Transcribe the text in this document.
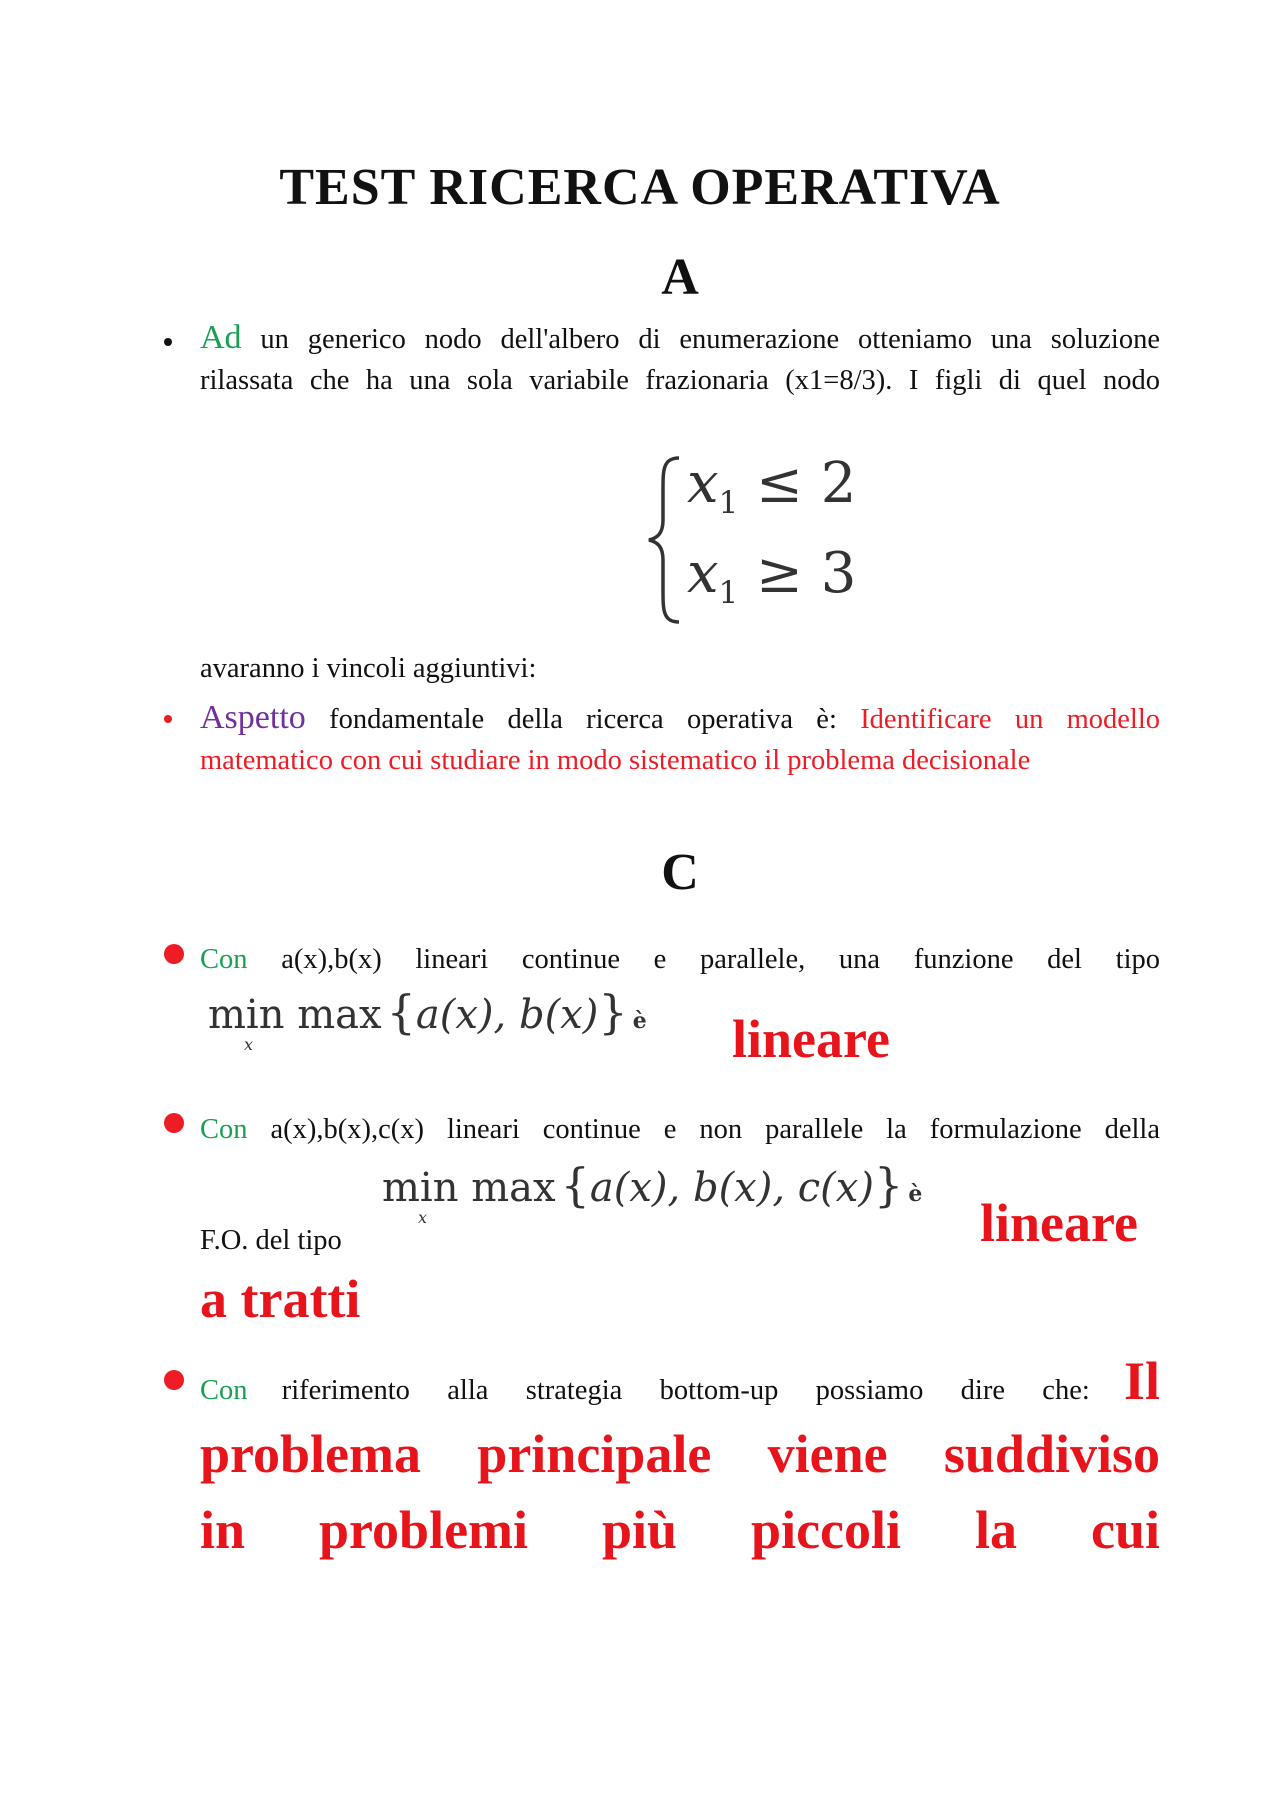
TEST RICERCA OPERATIVA
A
Ad un generico nodo dell'albero di enumerazione otteniamo una soluzione
rilassata che ha una sola variabile frazionaria (x1=8/3). I figli di quel nodo
$x_1 \le 2$
$x_1 \ge 3$
avaranno i vincoli aggiuntivi:
Aspetto fondamentale della ricerca operativa è: Identificare un modello
matematico con cui studiare in modo sistematico il problema decisionale
C
Con a(x),b(x) lineari continue e parallele, una funzione del tipo
min max {a(x), b(x)} è
x	lineare
Con a(x),b(x),c(x) lineari continue e non parallele la formulazione della
F.O. del tipo
min max {a(x), b(x), c(x)} è
x	lineare
a tratti
Con riferimento alla strategia bottom-up possiamo dire che: Il
problema principale viene suddiviso
in problemi più piccoli la cui
